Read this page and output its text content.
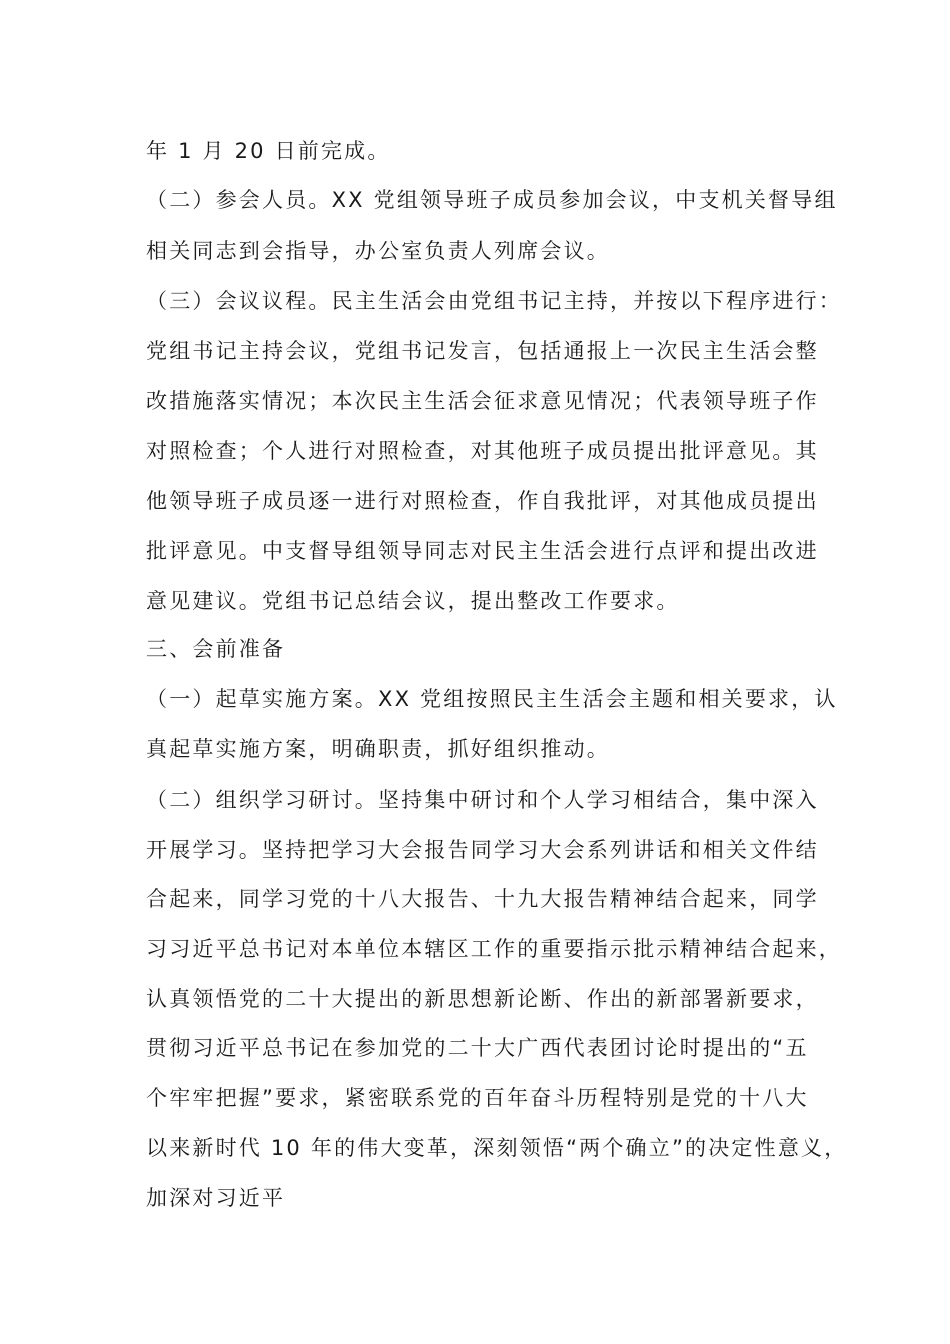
年 1 月 20 日前完成。
（二）参会人员。XX 党组领导班子成员参加会议，中支机关督导组
相关同志到会指导，办公室负责人列席会议。
（三）会议议程。民主生活会由党组书记主持，并按以下程序进行：
党组书记主持会议，党组书记发言，包括通报上一次民主生活会整
改措施落实情况；本次民主生活会征求意见情况；代表领导班子作
对照检查；个人进行对照检查，对其他班子成员提出批评意见。其
他领导班子成员逐一进行对照检查，作自我批评，对其他成员提出
批评意见。中支督导组领导同志对民主生活会进行点评和提出改进
意见建议。党组书记总结会议，提出整改工作要求。
三、会前准备
（一）起草实施方案。XX 党组按照民主生活会主题和相关要求，认
真起草实施方案，明确职责，抓好组织推动。
（二）组织学习研讨。坚持集中研讨和个人学习相结合，集中深入
开展学习。坚持把学习大会报告同学习大会系列讲话和相关文件结
合起来，同学习党的十八大报告、十九大报告精神结合起来，同学
习习近平总书记对本单位本辖区工作的重要指示批示精神结合起来，
认真领悟党的二十大提出的新思想新论断、作出的新部署新要求，
贯彻习近平总书记在参加党的二十大广西代表团讨论时提出的“五
个牢牢把握”要求，紧密联系党的百年奋斗历程特别是党的十八大
以来新时代 10 年的伟大变革，深刻领悟“两个确立”的决定性意义，
加深对习近平
